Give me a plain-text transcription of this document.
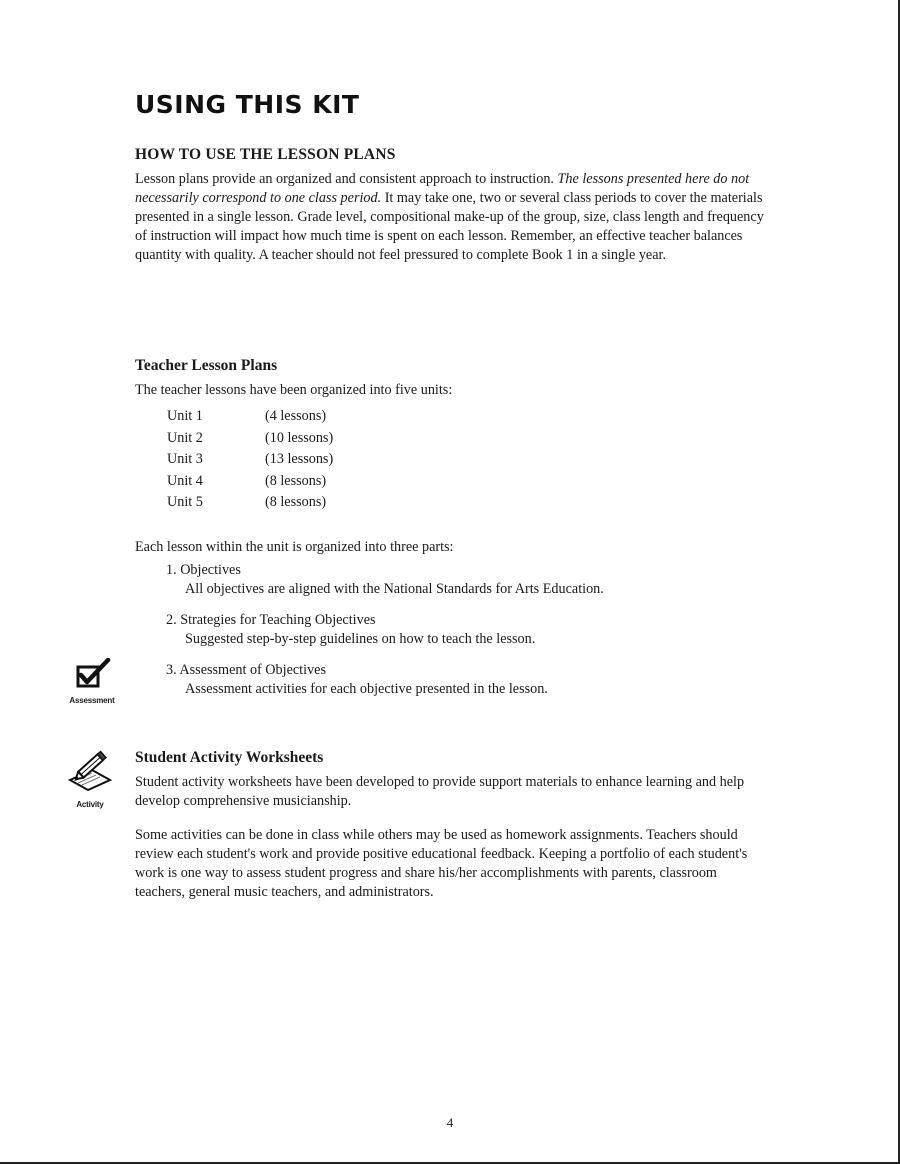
USING THIS KIT
HOW TO USE THE LESSON PLANS

Lesson plans provide an organized and consistent approach to instruction. The lessons presented here do not necessarily correspond to one class period. It may take one, two or several class periods to cover the materials presented in a single lesson. Grade level, compositional make-up of the group, size, class length and frequency of instruction will impact how much time is spent on each lesson. Remember, an effective teacher balances quantity with quality. A teacher should not feel pressured to complete Book 1 in a single year.

Teacher Lesson Plans

The teacher lessons have been organized into five units:

Unit 1	(4 lessons)
Unit 2	(10 lessons)
Unit 3	(13 lessons)
Unit 4	(8 lessons)
Unit 5	(8 lessons)

Each lesson within the unit is organized into three parts:

1. Objectives
All objectives are aligned with the National Standards for Arts Education.
2. Strategies for Teaching Objectives
Suggested step-by-step guidelines on how to teach the lesson.
3. Assessment of Objectives
Assessment activities for each objective presented in the lesson.
Assessment
Activity
Student Activity Worksheets

Student activity worksheets have been developed to provide support materials to enhance learning and help develop comprehensive musicianship.

Some activities can be done in class while others may be used as homework assignments. Teachers should review each student's work and provide positive educational feedback. Keeping a portfolio of each student's work is one way to assess student progress and share his/her accomplishments with parents, classroom teachers, general music teachers, and administrators.

4
